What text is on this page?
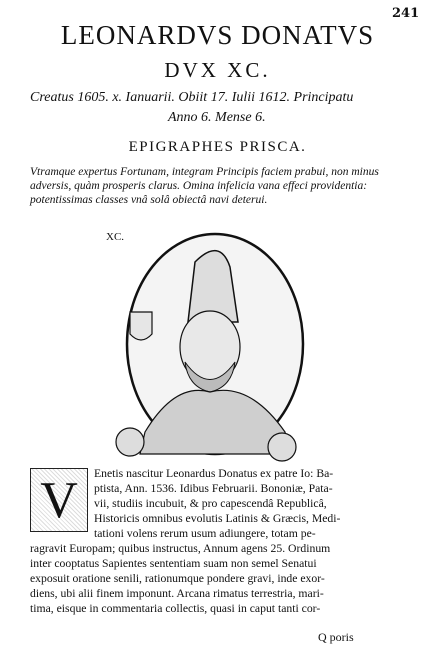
241
LEONARDVS DONATVS
DVX XC.
Creatus 1605. x. Ianuarii. Obiit 17. Iulii 1612. Principatu
Anno 6. Mense 6.
EPIGRAPHES PRISCA.
Vtramque expertus Fortunam, integram Principis faciem prabui, non minus
adversis, quàm prosperis clarus. Omina infelicia vana effeci providentia:
potentissimas classes vnâ solâ obiectâ navi deterui.
XC.
V	Enetis nascitur Leonardus Donatus ex patre Io: Ba-
ptista, Ann. 1536. Idibus Februarii. Bononiæ, Pata-
vii, studiis incubuit, & pro capescendâ Republicâ,
Historicis omnibus evolutis Latinis & Græcis, Medi-
tationi volens rerum usum adiungere, totam pe-
ragravit Europam; quibus instructus, Annum agens 25. Ordinum
inter cooptatus Sapientes sententiam suam non semel Senatui
exposuit oratione senili, rationumque pondere gravi, inde exor-
diens, ubi alii finem imponunt. Arcana rimatus terrestria, mari-
tima, eisque in commentaria collectis, quasi in caput tanti cor-
Q poris
